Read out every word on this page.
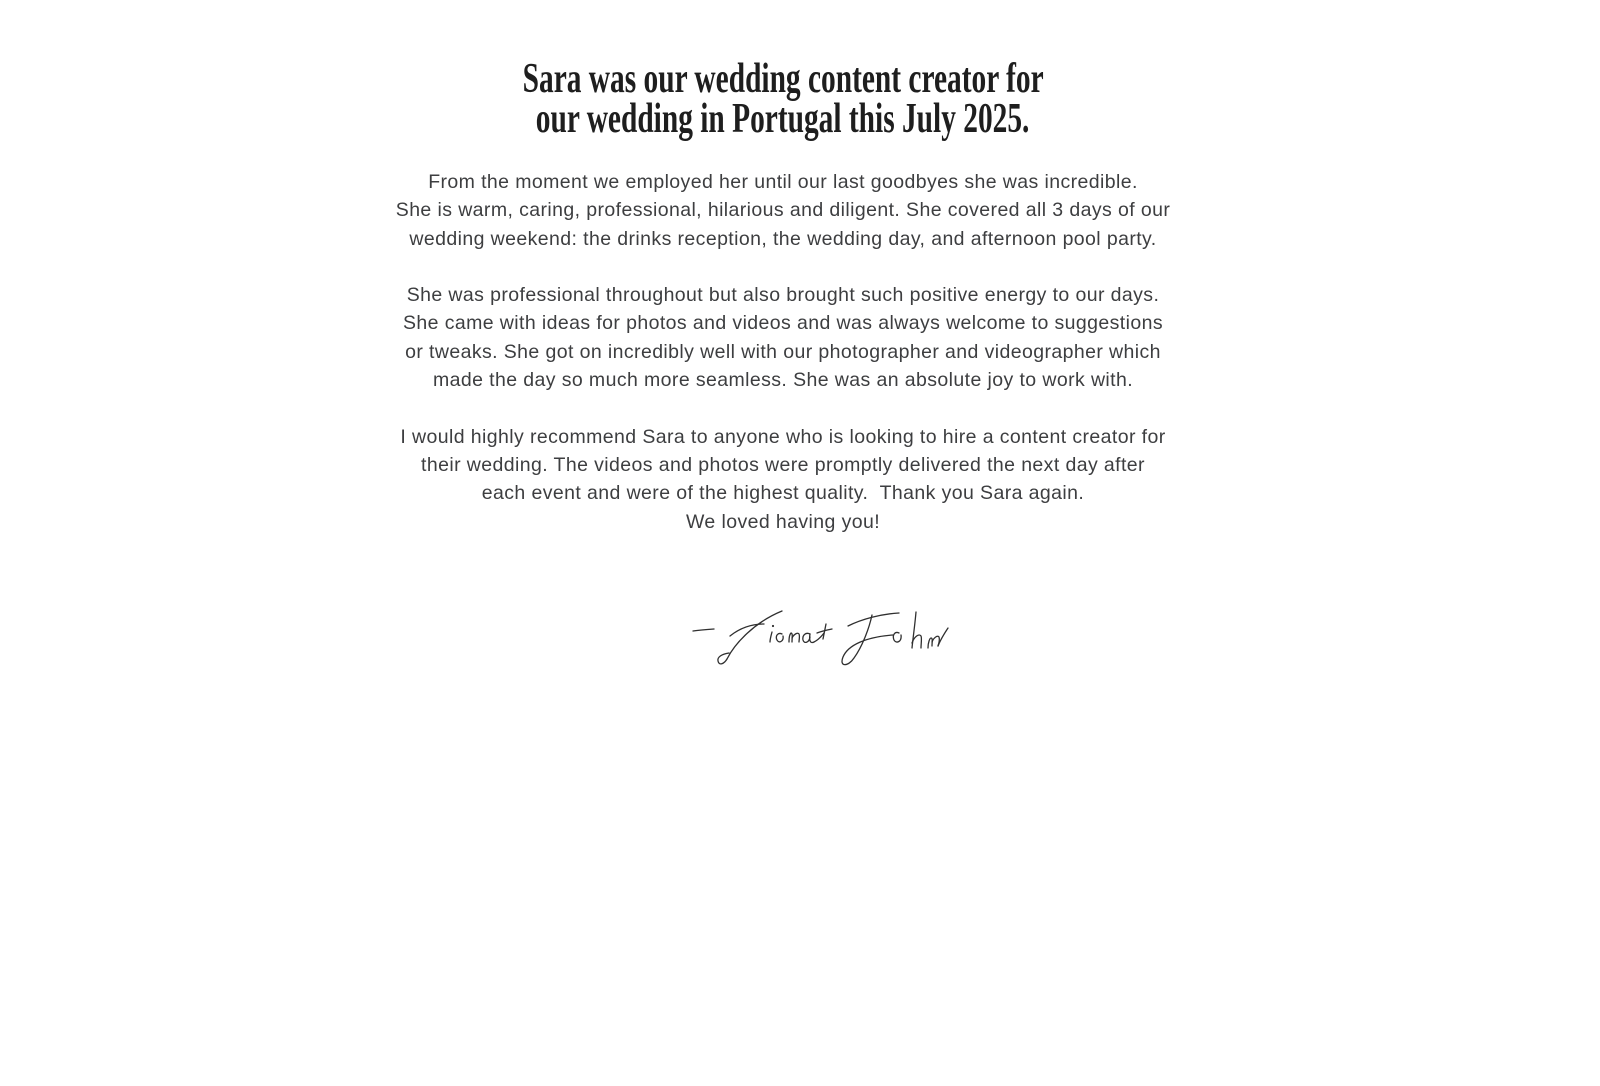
Sara was our wedding content creator for
our wedding in Portugal this July 2025.

From the moment we employed her until our last goodbyes she was incredible.
She is warm, caring, professional, hilarious and diligent. She covered all 3 days of our
wedding weekend: the drinks reception, the wedding day, and afternoon pool party.

She was professional throughout but also brought such positive energy to our days.
She came with ideas for photos and videos and was always welcome to suggestions
or tweaks. She got on incredibly well with our photographer and videographer which
made the day so much more seamless. She was an absolute joy to work with.

I would highly recommend Sara to anyone who is looking to hire a content creator for
their wedding. The videos and photos were promptly delivered the next day after
each event and were of the highest quality.  Thank you Sara again.
We loved having you!
